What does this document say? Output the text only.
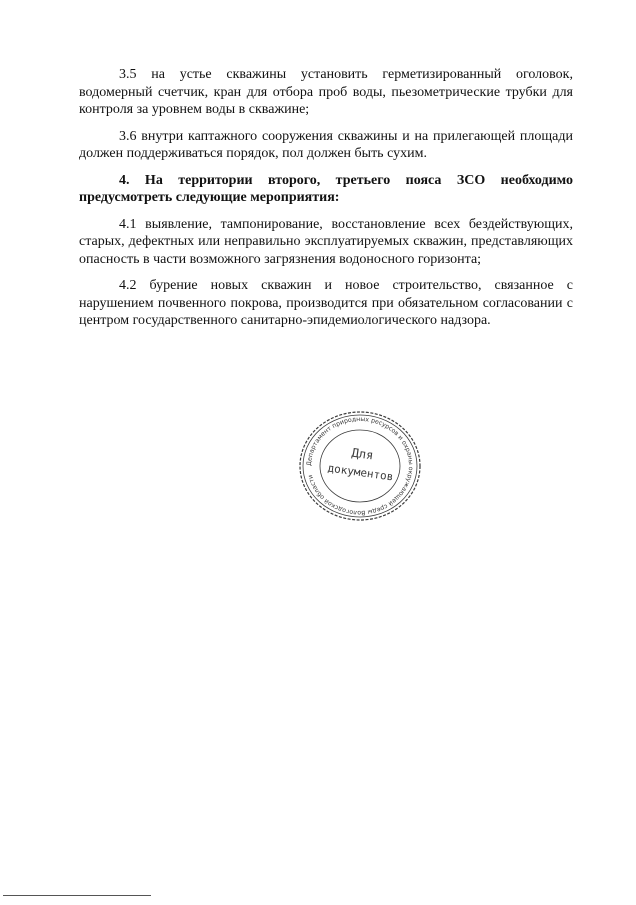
3.5 на устье скважины установить герметизированный оголовок, водомерный счетчик, кран для отбора проб воды, пьезометрические трубки для контроля за уровнем воды в скважине;

3.6 внутри каптажного сооружения скважины и на прилегающей площади должен поддерживаться порядок, пол должен быть сухим.

4. На территории второго, третьего пояса ЗСО необходимо предусмотреть следующие мероприятия:

4.1 выявление, тампонирование, восстановление всех бездействующих, старых, дефектных или неправильно эксплуатируемых скважин, представляющих опасность в части возможного загрязнения водоносного горизонта;

4.2 бурение новых скважин и новое строительство, связанное с нарушением почвенного покрова, производится при обязательном согласовании с центром государственного санитарно-эпидемиологического надзора.

Департамент природных ресурсов и охраны окружающей среды Вологодской области
Для
документов
